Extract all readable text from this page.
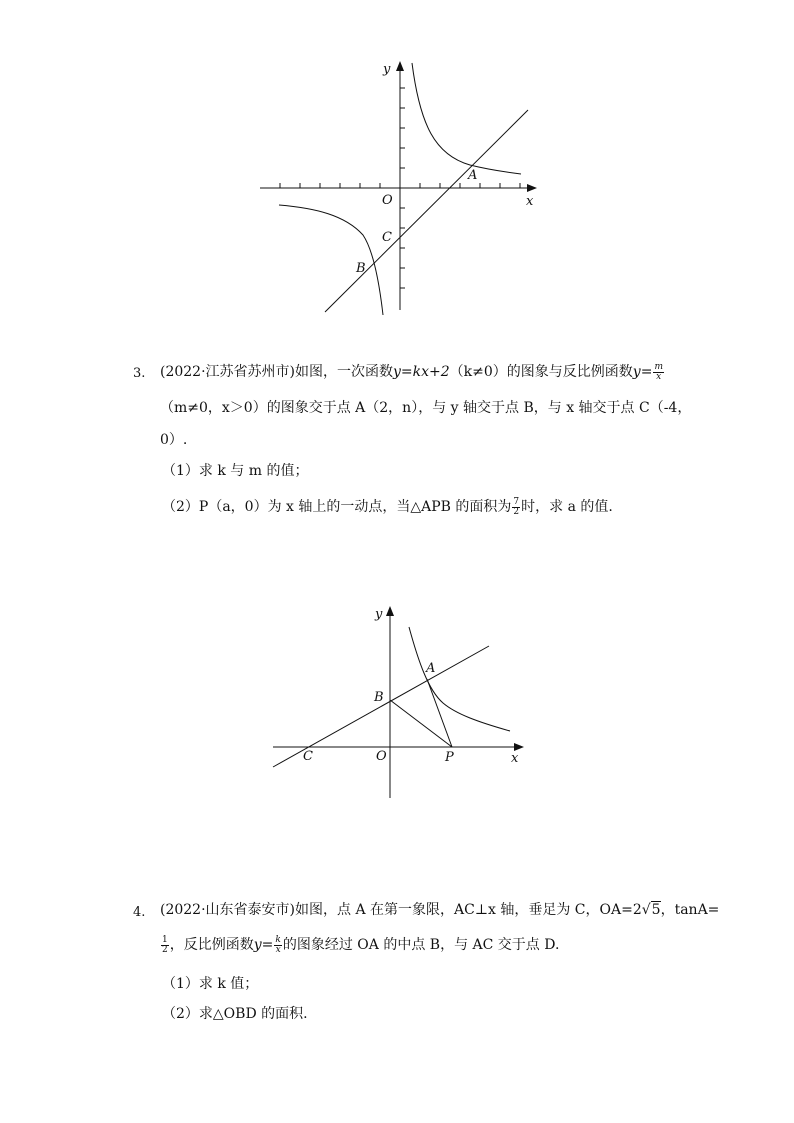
y
x
O
A
C
B
3. (2022·江苏省苏州市)如图，一次函数y=kx+2（k≠0）的图象与反比例函数$y= \frac{m}{x}$
（m≠0，x＞0）的图象交于点 A（2，n），与 y 轴交于点 B，与 x 轴交于点 C（-4，
0）.
（1）求 k 与 m 的值；
（2）P（a，0）为 x 轴上的一动点，当△APB 的面积为 $\frac{7}{2}$ 时，求 a 的值.
y
x
O
A
B
C	P
4. (2022·山东省泰安市)如图，点 A 在第一象限，AC⊥x 轴，垂足为 C，OA=2√5，tanA=
$\frac{1}{2}$ ，反比例函数$y= \frac{k}{x}$ 的图象经过 OA 的中点 B，与 AC 交于点 D.
（1）求 k 值；
（2）求△OBD 的面积.
